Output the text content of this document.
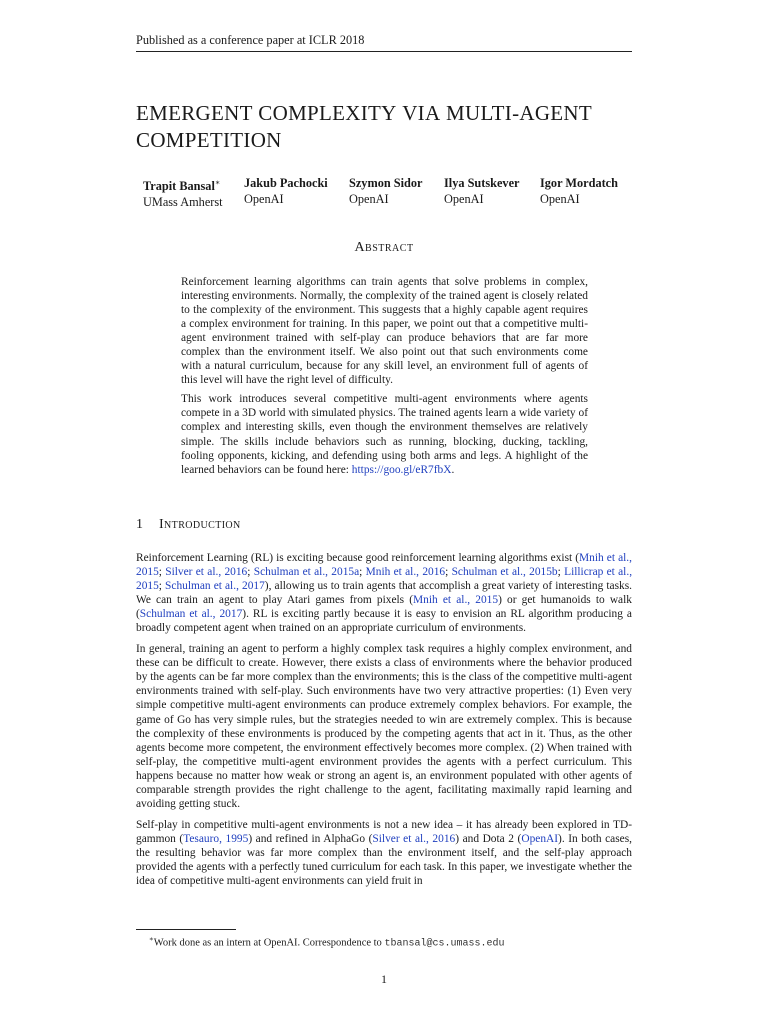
Published as a conference paper at ICLR 2018
EMERGENT COMPLEXITY VIA MULTI-AGENT
COMPETITION
Trapit Bansal∗
UMass Amherst
Jakub Pachocki
OpenAI
Szymon Sidor
OpenAI
Ilya Sutskever
OpenAI
Igor Mordatch
OpenAI
Abstract

Reinforcement learning algorithms can train agents that solve problems in complex, interesting environments. Normally, the complexity of the trained agent is closely related to the complexity of the environment. This suggests that a highly capable agent requires a complex environment for training. In this paper, we point out that a competitive multi-agent environment trained with self-play can produce behaviors that are far more complex than the environment itself. We also point out that such environments come with a natural curriculum, because for any skill level, an environment full of agents of this level will have the right level of difficulty.

This work introduces several competitive multi-agent environments where agents compete in a 3D world with simulated physics. The trained agents learn a wide variety of complex and interesting skills, even though the environment themselves are relatively simple. The skills include behaviors such as running, blocking, ducking, tackling, fooling opponents, kicking, and defending using both arms and legs. A highlight of the learned behaviors can be found here: https://goo.gl/eR7fbX.

1 Introduction

Reinforcement Learning (RL) is exciting because good reinforcement learning algorithms exist (Mnih et al., 2015; Silver et al., 2016; Schulman et al., 2015a; Mnih et al., 2016; Schulman et al., 2015b; Lillicrap et al., 2015; Schulman et al., 2017), allowing us to train agents that accomplish a great variety of interesting tasks. We can train an agent to play Atari games from pixels (Mnih et al., 2015) or get humanoids to walk (Schulman et al., 2017). RL is exciting partly because it is easy to envision an RL algorithm producing a broadly competent agent when trained on an appropriate curriculum of environments.

In general, training an agent to perform a highly complex task requires a highly complex environment, and these can be difficult to create. However, there exists a class of environments where the behavior produced by the agents can be far more complex than the environments; this is the class of the competitive multi-agent environments trained with self-play. Such environments have two very attractive properties: (1) Even very simple competitive multi-agent environments can produce extremely complex behaviors. For example, the game of Go has very simple rules, but the strategies needed to win are extremely complex. This is because the complexity of these environments is produced by the competing agents that act in it. Thus, as the other agents become more competent, the environment effectively becomes more complex. (2) When trained with self-play, the competitive multi-agent environment provides the agents with a perfect curriculum. This happens because no matter how weak or strong an agent is, an environment populated with other agents of comparable strength provides the right challenge to the agent, facilitating maximally rapid learning and avoiding getting stuck.

Self-play in competitive multi-agent environments is not a new idea – it has already been explored in TD-gammon (Tesauro, 1995) and refined in AlphaGo (Silver et al., 2016) and Dota 2 (OpenAI). In both cases, the resulting behavior was far more complex than the environment itself, and the self-play approach provided the agents with a perfectly tuned curriculum for each task. In this paper, we investigate whether the idea of competitive multi-agent environments can yield fruit in

∗Work done as an intern at OpenAI. Correspondence to tbansal@cs.umass.edu
1
